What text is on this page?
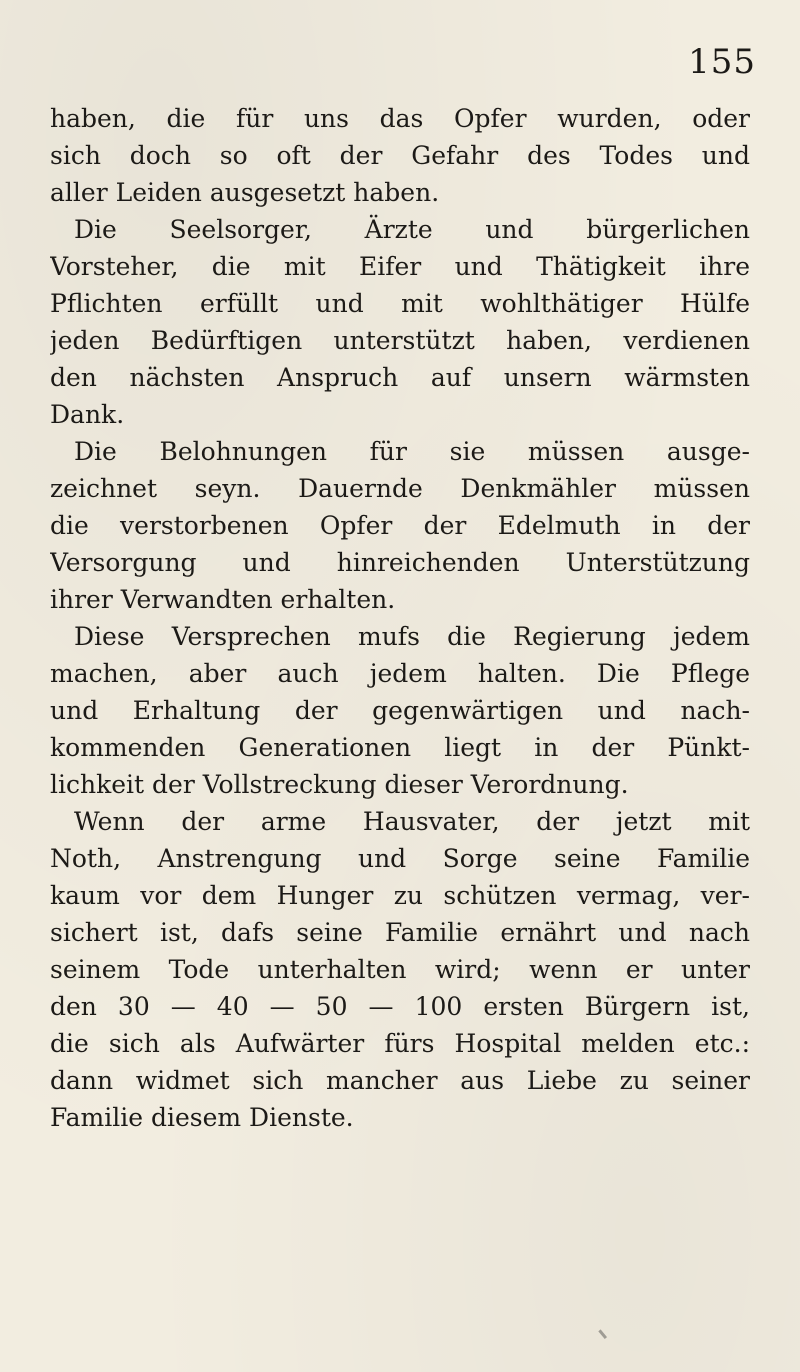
155
haben, die für uns das Opfer wurden, oder
sich doch so oft der Gefahr des Todes und
aller Leiden ausgesetzt haben.
Die Seelsorger, Ärzte und bürgerlichen
Vorsteher, die mit Eifer und Thätigkeit ihre
Pflichten erfüllt und mit wohlthätiger Hülfe
jeden Bedürftigen unterstützt haben, verdienen
den nächsten Anspruch auf unsern wärmsten
Dank.
Die Belohnungen für sie müssen ausge-
zeichnet seyn. Dauernde Denkmähler müssen
die verstorbenen Opfer der Edelmuth in der
Versorgung und hinreichenden Unterstützung
ihrer Verwandten erhalten.
Diese Versprechen mufs die Regierung jedem
machen, aber auch jedem halten. Die Pflege
und Erhaltung der gegenwärtigen und nach-
kommenden Generationen liegt in der Pünkt-
lichkeit der Vollstreckung dieser Verordnung.
Wenn der arme Hausvater, der jetzt mit
Noth, Anstrengung und Sorge seine Familie
kaum vor dem Hunger zu schützen vermag, ver-
sichert ist, dafs seine Familie ernährt und nach
seinem Tode unterhalten wird; wenn er unter
den 30 — 40 — 50 — 100 ersten Bürgern ist,
die sich als Aufwärter fürs Hospital melden etc.:
dann widmet sich mancher aus Liebe zu seiner
Familie diesem Dienste.
